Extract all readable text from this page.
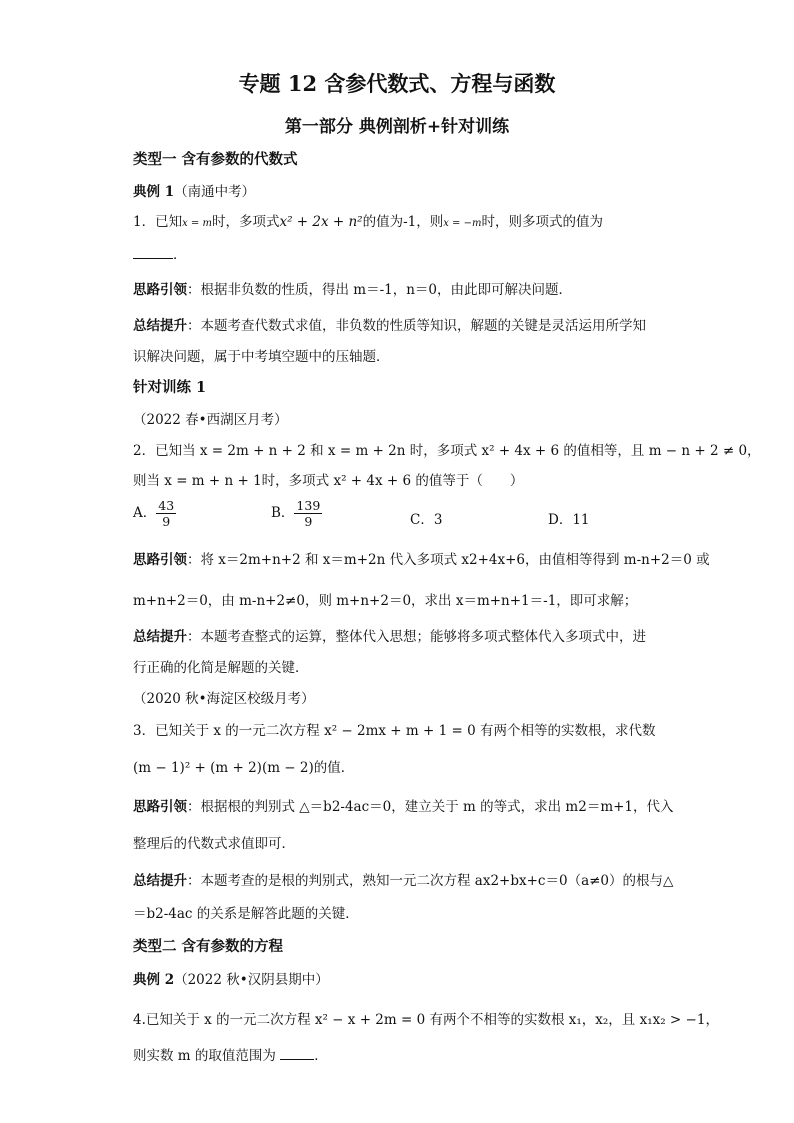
专题 12 含参代数式、方程与函数
第一部分 典例剖析+针对训练
类型一 含有参数的代数式
典例 1（南通中考）
1．已知x = m时，多项式x² + 2x + n²的值为-1，则x = −m时，则多项式的值为
．
思路引领：根据非负数的性质，得出 m＝-1，n＝0，由此即可解决问题．
总结提升：本题考查代数式求值，非负数的性质等知识，解题的关键是灵活运用所学知
识解决问题，属于中考填空题中的压轴题．
针对训练 1
（2022 春•西湖区月考）
2．已知当 x = 2m + n + 2 和 x = m + 2n 时，多项式 x² + 4x + 6 的值相等，且 m − n + 2 ≠ 0，
则当 x = m + n + 1时，多项式 x² + 4x + 6 的值等于（　　）
A． $\frac{43}{9}$	B． $\frac{139}{9}$	C．3	D．11
思路引领：将 x＝2m+n+2 和 x＝m+2n 代入多项式 x2+4x+6，由值相等得到 m-n+2＝0 或
m+n+2＝0，由 m-n+2≠0，则 m+n+2＝0，求出 x＝m+n+1＝-1，即可求解；
总结提升：本题考查整式的运算，整体代入思想；能够将多项式整体代入多项式中，进
行正确的化简是解题的关键．
（2020 秋•海淀区校级月考）
3．已知关于 x 的一元二次方程 x² − 2mx + m + 1 = 0 有两个相等的实数根，求代数
(m − 1)² + (m + 2)(m − 2)的值．
思路引领：根据根的判别式 △＝b2-4ac＝0，建立关于 m 的等式，求出 m2＝m+1，代入
整理后的代数式求值即可．
总结提升：本题考查的是根的判别式，熟知一元二次方程 ax2+bx+c＝0（a≠0）的根与△
＝b2-4ac 的关系是解答此题的关键．
类型二 含有参数的方程
典例 2（2022 秋•汉阴县期中）
4.已知关于 x 的一元二次方程 x² − x + 2m = 0 有两个不相等的实数根 x₁，x₂，且 x₁x₂ > −1，
则实数 m 的取值范围为	．
